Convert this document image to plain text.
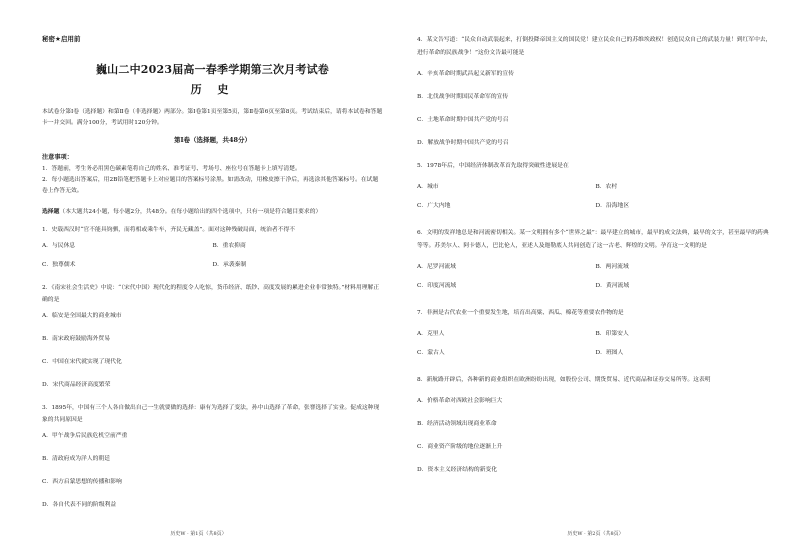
秘密★启用前
巍山二中2023届高一春季学期第三次月考试卷
历 史

本试卷分第Ⅰ卷（选择题）和第Ⅱ卷（非选择题）两部分。第Ⅰ卷第1页至第5页，第Ⅱ卷第6页至第8页。考试结束后，请将本试卷和答题卡一并交回。满分100分，考试用时120分钟。

第Ⅰ卷（选择题，共48分）
注意事项：

1．答题前，考生务必用黑色碳素笔将自己的姓名、准考证号、考场号、座位号在答题卡上填写清楚。

2．每小题选出答案后，用2B铅笔把答题卡上对应题目的答案标号涂黑。如需改动，用橡皮擦干净后，再选涂其他答案标号。在试题卷上作答无效。

选择题（本大题共24小题，每小题2分，共48分。在每小题给出的四个选项中，只有一项是符合题目要求的）

1．史载西汉时“官不能具钧驷，而将相或乘牛车，齐民无藏盖”。面对这种残破局面，统治者不得不

A．与民休息	B．重农抑商
C．独尊儒术	D．承袭秦制

2．《南宋社会生活史》中说：“（宋代中国）现代化的程度令人吃惊，货币经济、纸钞、高度发展的累进企业非常独特。”材料用理解正确的是

A．临安是全国最大的商业城市
B．南宋政府鼓励海外贸易
C．中国在宋代就实现了现代化
D．宋代商品经济高度繁荣

3．1895年，中国有三个人各自做出自己一生就要做的选择：康有为选择了变法，孙中山选择了革命，张謇选择了实业。促成这种现象的共同原因是

A．甲午战争后民族危机空前严重
B．清政府成为洋人的朝廷
C．西方启蒙思想的传播和影响
D．各自代表不同的阶级利益
历史W · 第1页（共8页）

4．某文告写道：“民众自动武装起来，打倒投降帝国主义的国民党！建立民众自己的苏维埃政权！创造民众自己的武装力量！到红军中去，进行革命的民族战争！”这份文告最可能是

A．辛亥革命时期武昌起义新军的宣传
B．北伐战争时期国民革命军的宣传
C．土地革命时期中国共产党的号召
D．解放战争时期中国共产党的号召

5．1978年后，中国经济体制改革首先取得突破性进展是在

A．城市	B．农村
C．广大内地	D．沿海地区

6．文明的发祥地总是和河流密切相关。某一文明拥有多个“世界之最”：最早建立的城市，最早的成文法典，最早的文字，甚至最早的药典等等。苏美尔人、阿卡德人，巴比伦人，亚述人及迦勒底人共同创造了这一古老、辉煌的文明。孕育这一文明的是

A．尼罗河流域	B．两河流域
C．印度河流域	D．黄河流域

7．非洲是古代农业一个重要发生地，培育出高粱、西瓜、棉花等重要农作物的是

A．克里人	B．印第安人
C．蒙古人	D．班图人

8．新航路开辟后，各种新的商业组织在欧洲纷纷出现，如股份公司、期货贸易、近代商品和证券交易所等。这表明

A．价格革命对西欧社会影响巨大
B．经济活动领域出现商业革命
C．商业资产阶级的地位逐渐上升
D．资本主义经济结构的新变化
历史W · 第2页（共8页）
